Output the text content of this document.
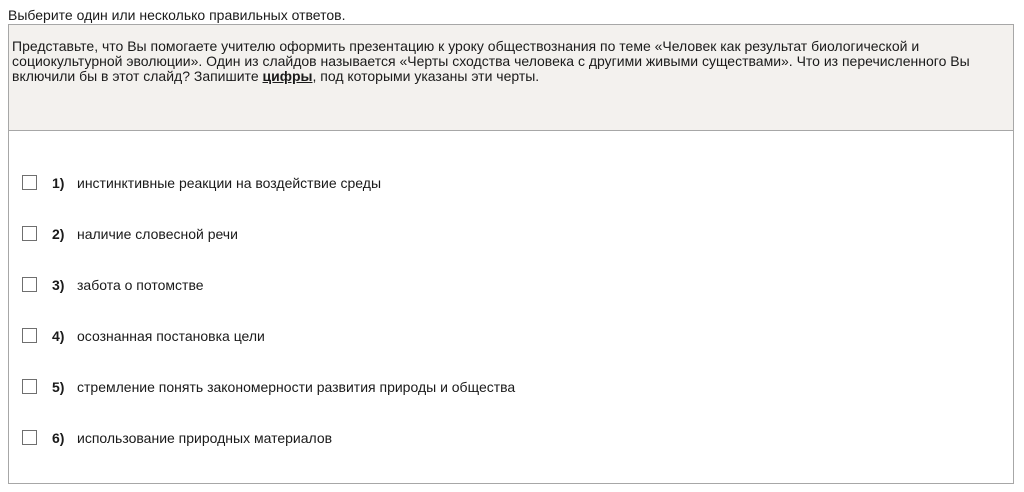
Выберите один или несколько правильных ответов.
Представьте, что Вы помогаете учителю оформить презентацию к уроку обществознания по теме «Человек как результат биологической и социокультурной эволюции». Один из слайдов называется «Черты сходства человека с другими живыми существами». Что из перечисленного Вы включили бы в этот слайд? Запишите цифры, под которыми указаны эти черты.
1) инстинктивные реакции на воздействие среды
2) наличие словесной речи
3) забота о потомстве
4) осознанная постановка цели
5) стремление понять закономерности развития природы и общества
6) использование природных материалов
